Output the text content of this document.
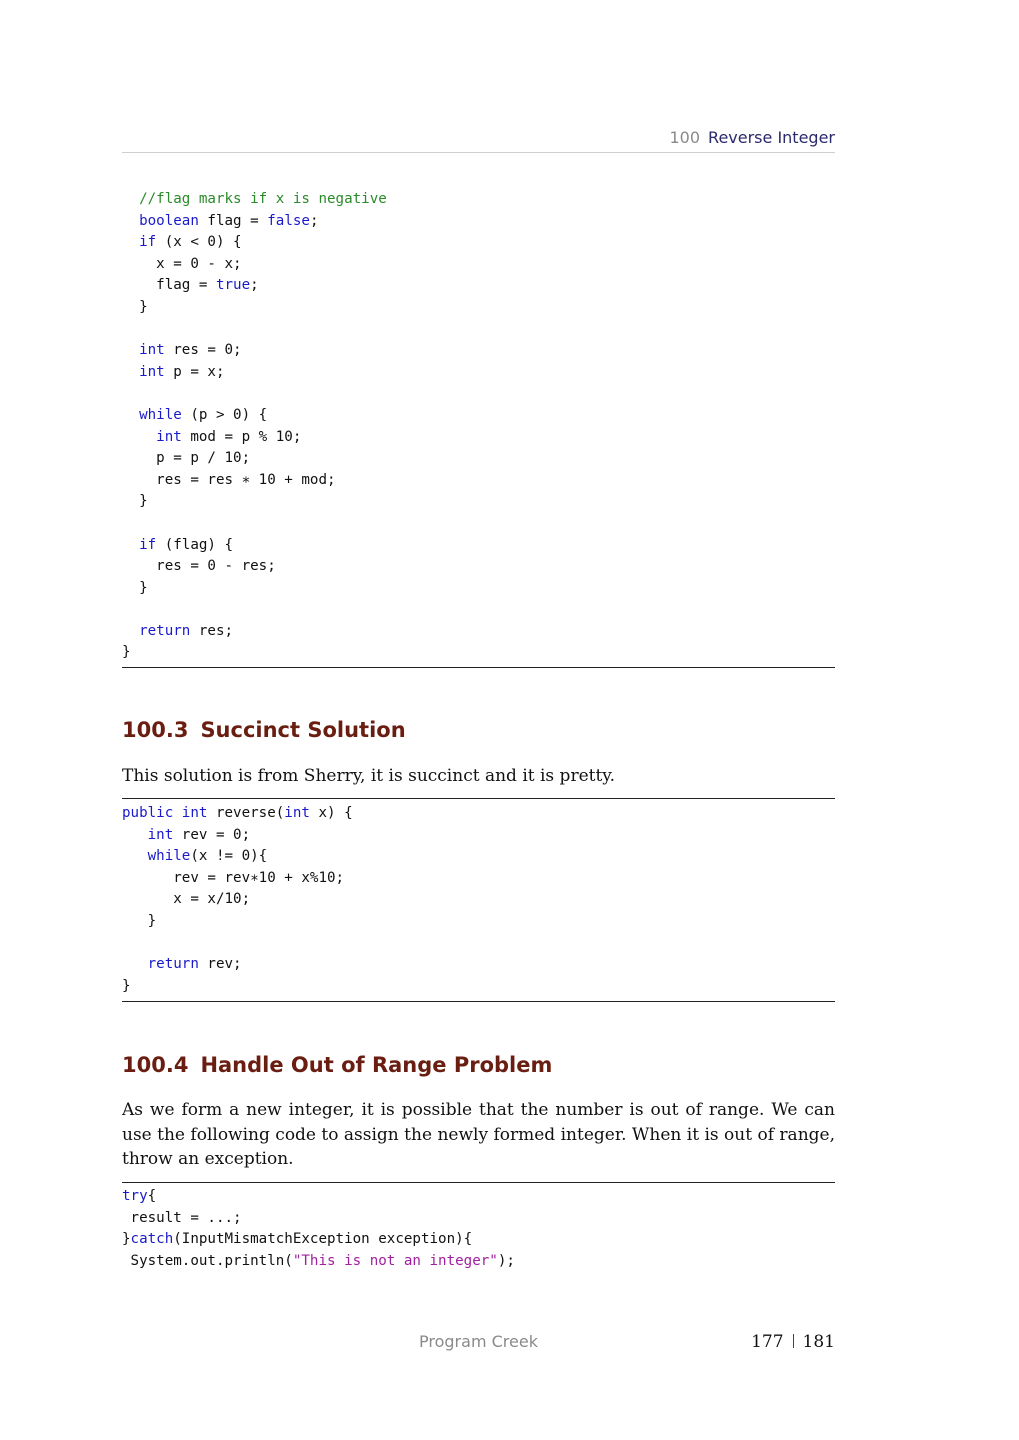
100 Reverse Integer
//flag marks if x is negative
boolean flag = false;
if (x < 0) {
x = 0 - x;
flag = true;
}

int res = 0;
int p = x;

while (p > 0) {
int mod = p % 10;
p = p / 10;
res = res ∗ 10 + mod;
}

if (flag) {
res = 0 - res;
}

return res;
}
100.3 Succinct Solution

This solution is from Sherry, it is succinct and it is pretty.

public int reverse(int x) {
int rev = 0;
while(x != 0){
rev = rev∗10 + x%10;
x = x/10;
}

return rev;
}
100.4 Handle Out of Range Problem

As we form a new integer, it is possible that the number is out of range. We can use the following code to assign the newly formed integer. When it is out of range, throw an exception.

try{
result = ...;
}catch(InputMismatchException exception){
System.out.println("This is not an integer");
Program Creek	177 181
